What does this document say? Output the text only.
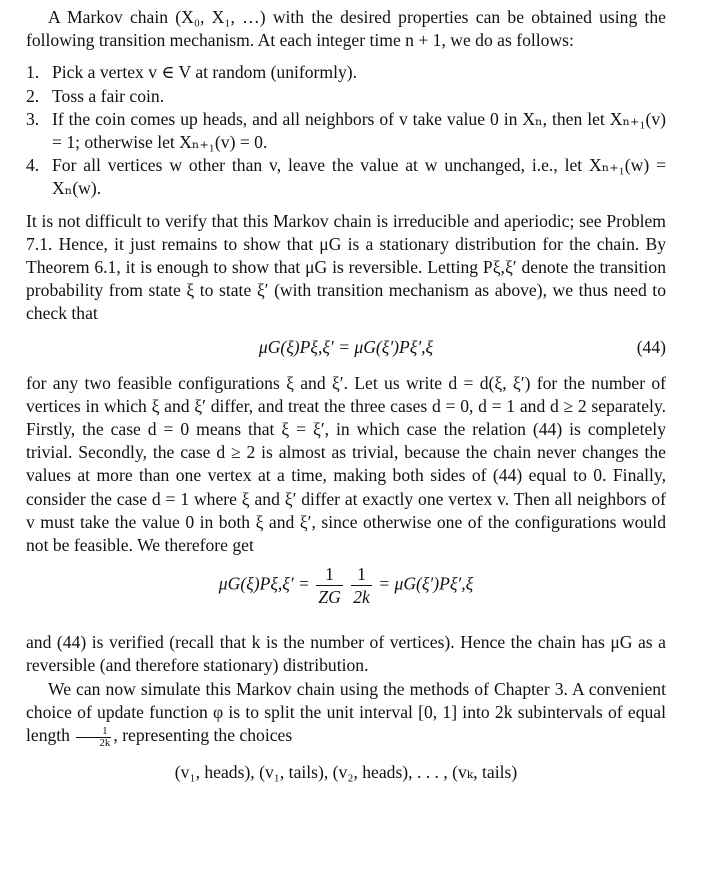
A Markov chain (X₀, X₁, …) with the desired properties can be obtained using the following transition mechanism. At each integer time n + 1, we do as follows:

1. Pick a vertex v ∈ V at random (uniformly).
2. Toss a fair coin.
3. If the coin comes up heads, and all neighbors of v take value 0 in Xₙ, then let Xₙ₊₁(v) = 1; otherwise let Xₙ₊₁(v) = 0.
4. For all vertices w other than v, leave the value at w unchanged, i.e., let Xₙ₊₁(w) = Xₙ(w).

It is not difficult to verify that this Markov chain is irreducible and aperiodic; see Problem 7.1. Hence, it just remains to show that μG is a stationary distribution for the chain. By Theorem 6.1, it is enough to show that μG is reversible. Letting Pξ,ξ′ denote the transition probability from state ξ to state ξ′ (with transition mechanism as above), we thus need to check that

μG(ξ)Pξ,ξ′ = μG(ξ′)Pξ′,ξ	(44)

for any two feasible configurations ξ and ξ′. Let us write d = d(ξ, ξ′) for the number of vertices in which ξ and ξ′ differ, and treat the three cases d = 0, d = 1 and d ≥ 2 separately. Firstly, the case d = 0 means that ξ = ξ′, in which case the relation (44) is completely trivial. Secondly, the case d ≥ 2 is almost as trivial, because the chain never changes the values at more than one vertex at a time, making both sides of (44) equal to 0. Finally, consider the case d = 1 where ξ and ξ′ differ at exactly one vertex v. Then all neighbors of v must take the value 0 in both ξ and ξ′, since otherwise one of the configurations would not be feasible. We therefore get

$\mu G(\xi)P\xi,\xi' = \frac{1}{ZG}$
$\frac{1}{2k} = \mu G(\xi')P\xi',\xi$

and (44) is verified (recall that k is the number of vertices). Hence the chain has μG as a reversible (and therefore stationary) distribution.

We can now simulate this Markov chain using the methods of Chapter 3. A convenient choice of update function φ is to split the unit interval [0, 1] into 2k subintervals of equal length $\frac{1}{2k}$ , representing the choices

(v₁, heads), (v₁, tails), (v₂, heads), . . . , (vₖ, tails)
